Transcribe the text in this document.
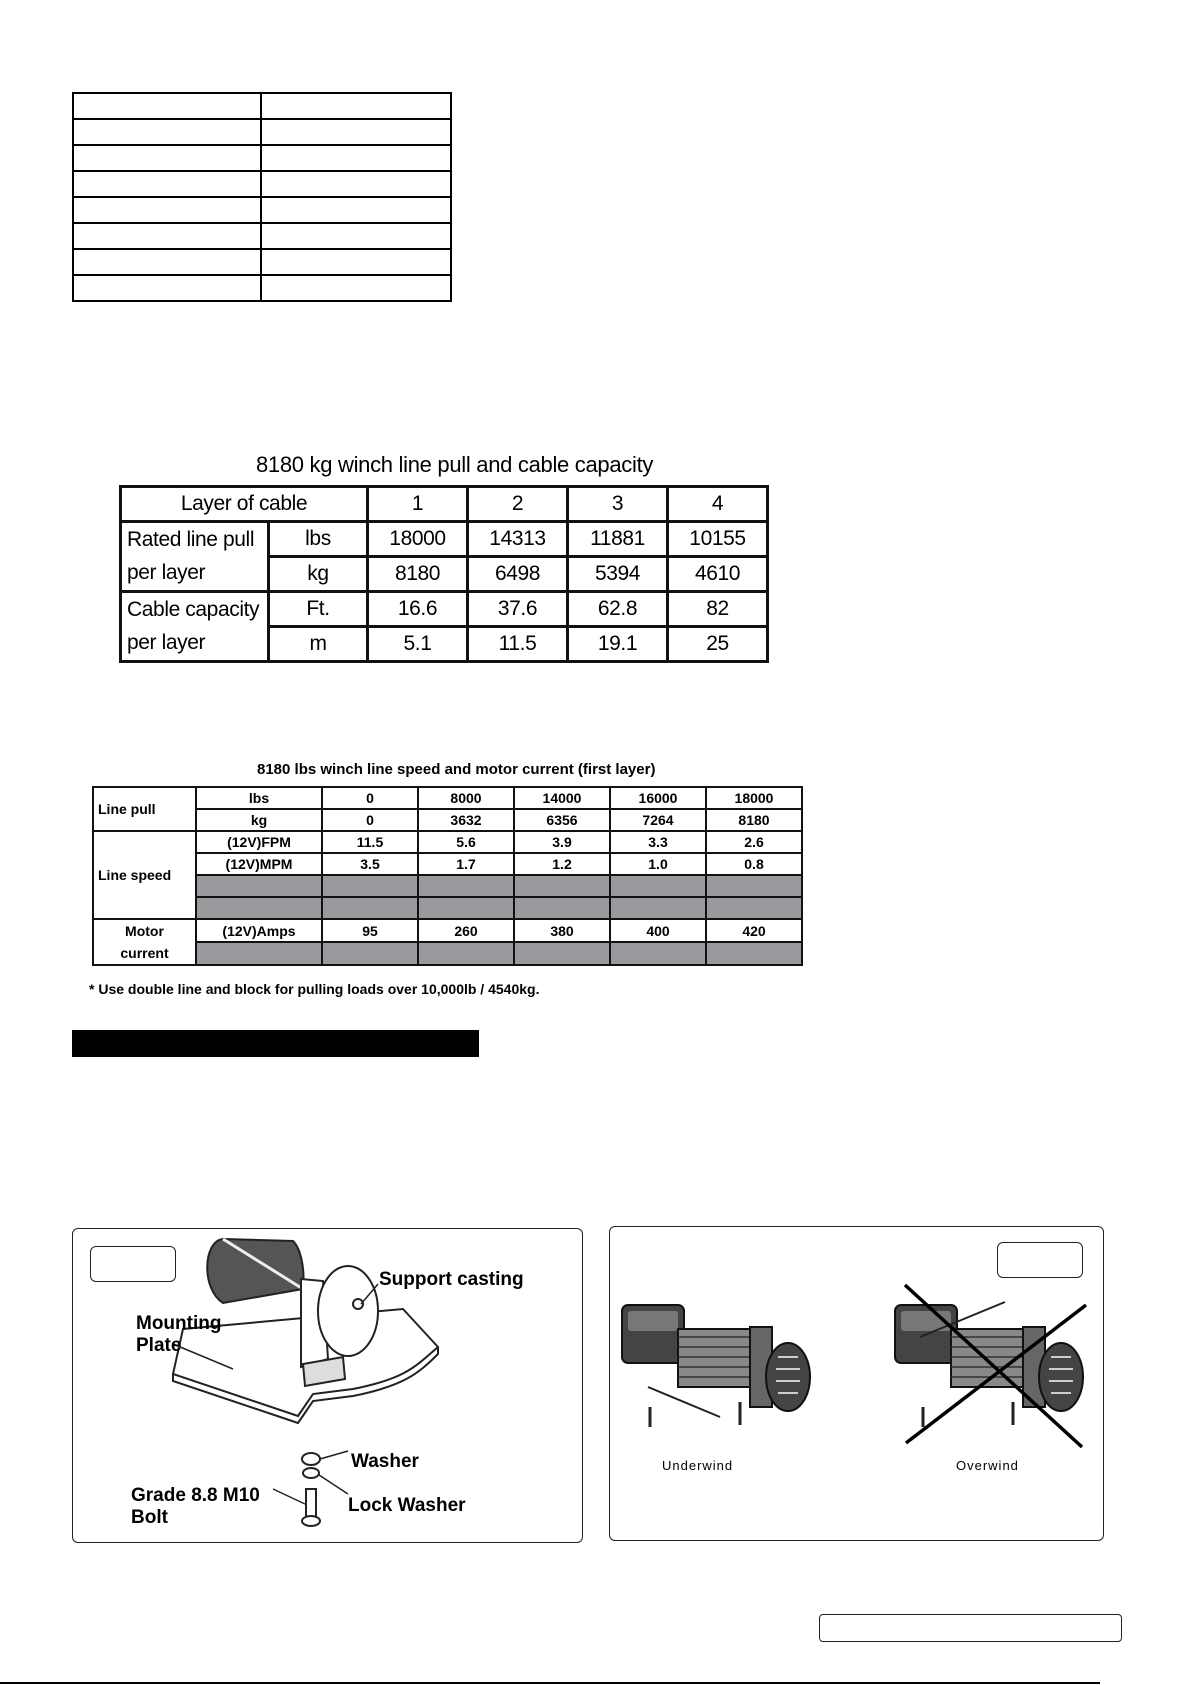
8180 kg winch line pull and cable capacity
Layer of cable		1	2	3	4
Rated line pull
per layer	lbs	18000	14313	11881	10155
	kg	8180	6498	5394	4610
Cable capacity
per layer	Ft.	16.6	37.6	62.8	82
	m	5.1	11.5	19.1	25
8180 lbs winch line speed and motor current (first layer)
Line pull	lbs	0	8000	14000	16000	18000
	kg	0	3632	6356	7264	8180
Line speed	(12V)FPM	11.5	5.6	3.9	3.3	2.6
	(12V)MPM	3.5	1.7	1.2	1.0	0.8

Motor
current	(12V)Amps	95	260	380	400	420

* Use double line and block for pulling loads over 10,000lb / 4540kg.
Support casting
Mounting
Plate
Washer
Lock Washer
Grade 8.8 M10
Bolt
Underwind	Overwind
